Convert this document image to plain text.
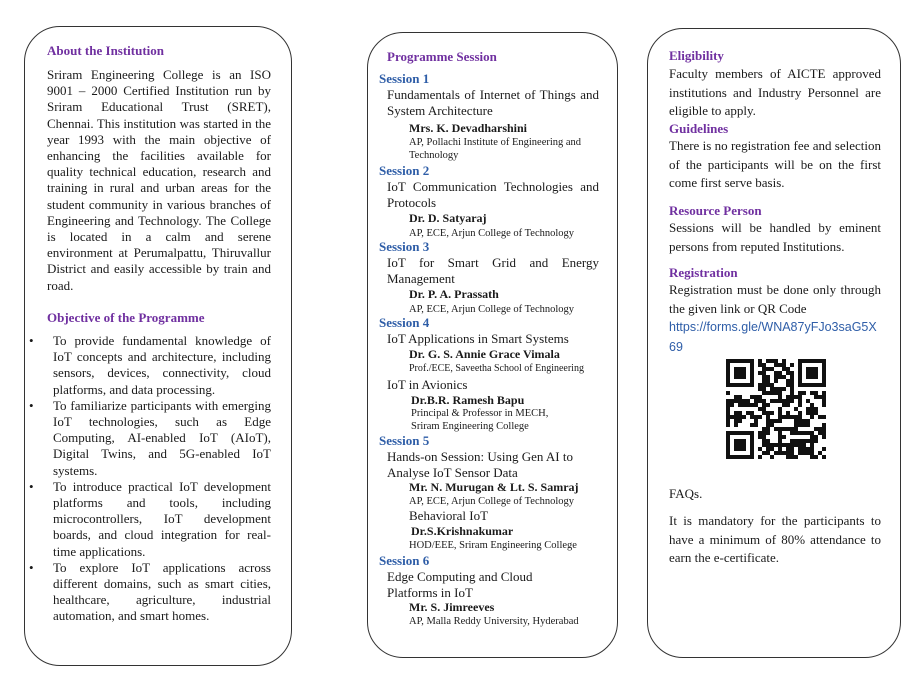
About the Institution
Sriram Engineering College is an ISO 9001 – 2000 Certified Institution run by Sriram Educational Trust (SRET), Chennai. This institution was started in the year 1993 with the main objective of enhancing the facilities available for quality technical education, research and training in rural and urban areas for the student community in various branches of Engineering and Technology. The College is located in a calm and serene environment at Perumalpattu, Thiruvallur District and easily accessible by train and road.
Objective of the Programme
• To provide fundamental knowledge of IoT concepts and architecture, including sensors, devices, connectivity, cloud platforms, and data processing.
• To familiarize participants with emerging IoT technologies, such as Edge Computing, AI-enabled IoT (AIoT), Digital Twins, and 5G-enabled IoT systems.
• To introduce practical IoT development platforms and tools, including microcontrollers, IoT development boards, and cloud integration for real-time applications.
• To explore IoT applications across different domains, such as smart cities, healthcare, agriculture, industrial automation, and smart homes.
Programme Session
Session 1
Fundamentals of Internet of Things and System Architecture
Mrs. K. Devadharshini
AP, Pollachi Institute of Engineering and Technology
Session 2
IoT Communication Technologies and Protocols
Dr. D. Satyaraj
AP, ECE, Arjun College of Technology
Session 3
IoT for Smart Grid and Energy Management
Dr. P. A. Prassath
AP, ECE, Arjun College of Technology
Session 4
IoT Applications in Smart Systems
Dr. G. S. Annie Grace Vimala
Prof./ECE, Saveetha School of Engineering
IoT in Avionics
Dr.B.R. Ramesh Bapu
Principal & Professor in MECH,
Sriram Engineering College
Session 5
Hands-on Session: Using Gen AI to Analyse IoT Sensor Data
Mr. N. Murugan & Lt. S. Samraj
AP, ECE, Arjun College of Technology
Behavioral IoT
Dr.S.Krishnakumar
HOD/EEE, Sriram Engineering College
Session 6
Edge Computing and Cloud Platforms in IoT
Mr. S. Jimreeves
AP, Malla Reddy University, Hyderabad
Eligibility
Faculty members of AICTE approved institutions and Industry Personnel are eligible to apply.
Guidelines
There is no registration fee and selection of the participants will be on the first come first serve basis.
Resource Person
Sessions will be handled by eminent persons from reputed Institutions.
Registration
Registration must be done only through the given link or QR Code
https://forms.gle/WNA87yFJo3saG5X69
FAQs.
It is mandatory for the participants to have a minimum of 80% attendance to earn the e-certificate.
